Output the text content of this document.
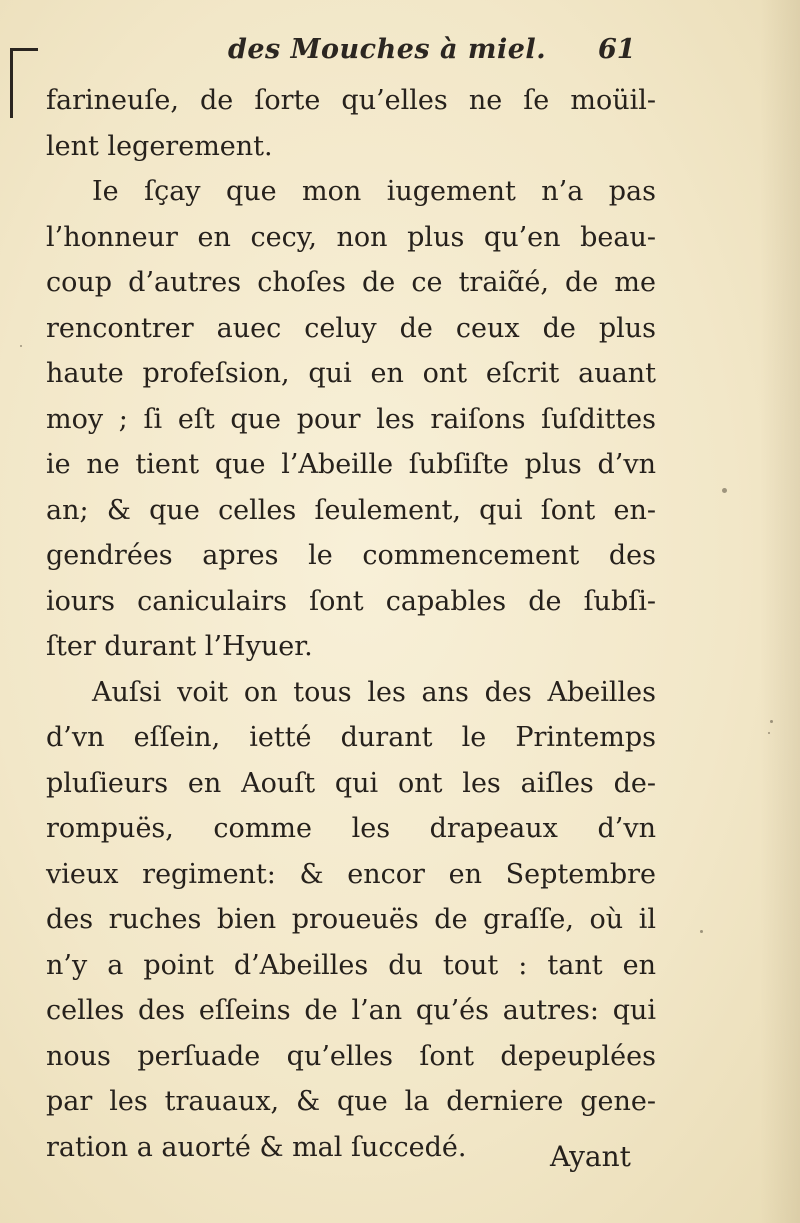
des Mouches à miel. 61
farineuſe, de ſorte qu’elles ne ſe moüil-
lent legerement.
Ie ſçay que mon iugement n’a pas
l’honneur en cecy, non plus qu’en beau-
coup d’autres choſes de ce traiɑ̃é, de me
rencontrer auec celuy de ceux de plus
haute profeſsion, qui en ont eſcrit auant
moy ; ſi eſt que pour les raiſons ſuſdittes
ie ne tient que l’Abeille ſubſiſte plus d’vn
an; & que celles ſeulement, qui ſont en-
gendrées apres le commencement des
iours caniculairs ſont capables de ſubſi-
ſter durant l’Hyuer.
Auſsi voit on tous les ans des Abeilles
d’vn eſſein, ietté durant le Printemps
pluſieurs en Aouſt qui ont les aiſles de-
rompuës, comme les drapeaux d’vn
vieux regiment: & encor en Septembre
des ruches bien proueuës de graſſe, où il
n’y a point d’Abeilles du tout : tant en
celles des eſſeins de l’an qu’és autres: qui
nous perſuade qu’elles ſont depeuplées
par les trauaux, & que la derniere gene-
ration a auorté & mal ſuccedé.	Ayant
